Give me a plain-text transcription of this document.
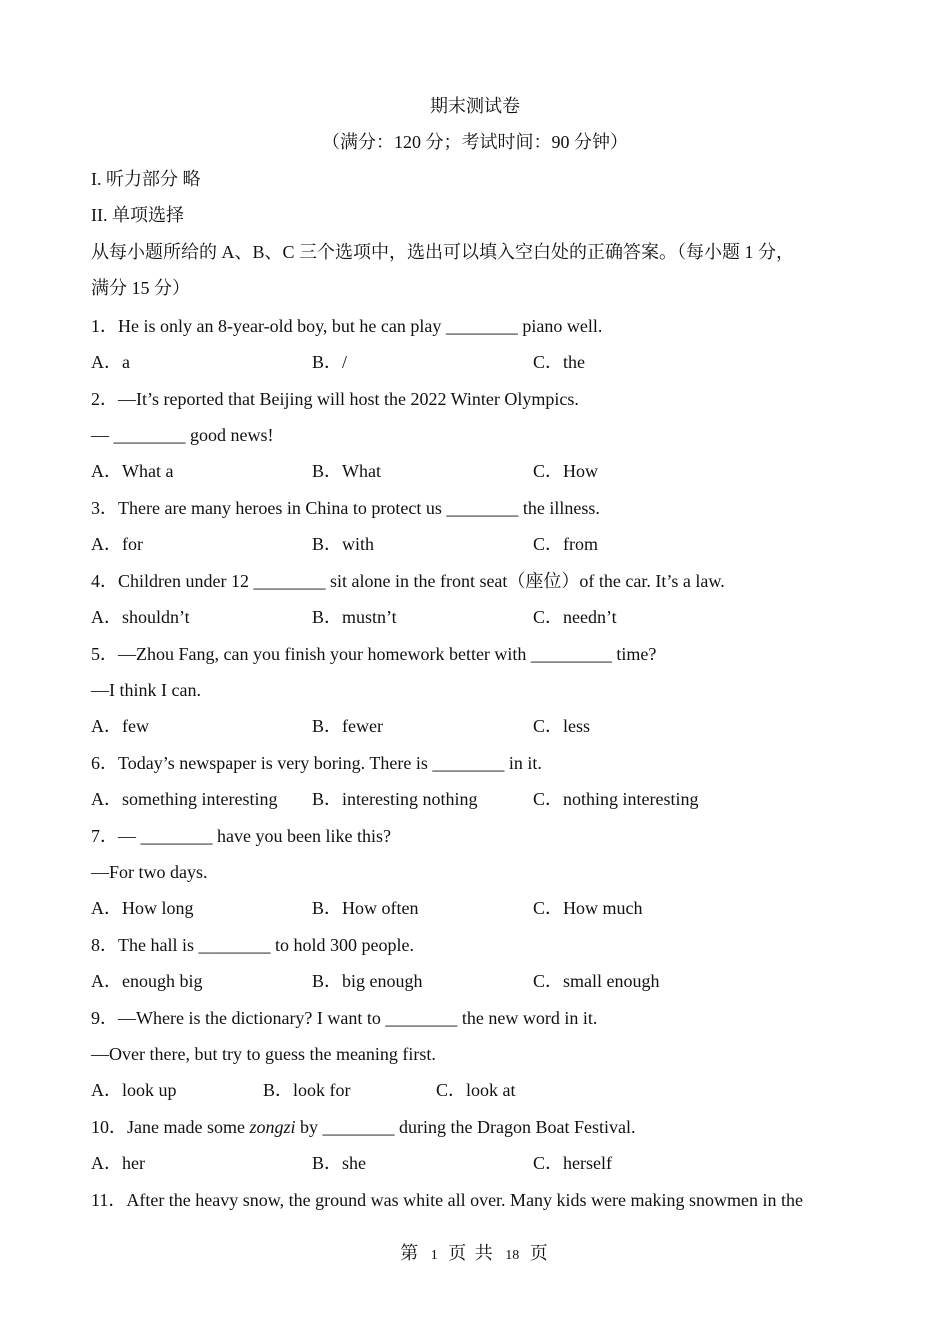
期末测试卷
（满分：120 分；考试时间：90 分钟）
I. 听力部分 略
II. 单项选择
从每小题所给的 A、B、C 三个选项中，选出可以填入空白处的正确答案。（每小题 1 分，
满分 15 分）
1．He is only an 8-year-old boy, but he can play ________ piano well.
A．a	B．/	C．the
2．—It’s reported that Beijing will host the 2022 Winter Olympics.
— ________ good news!
A．What a	B．What	C．How
3．There are many heroes in China to protect us ________ the illness.
A．for	B．with	C．from
4．Children under 12 ________ sit alone in the front seat（座位）of the car. It’s a law.
A．shouldn’t	B．mustn’t	C．needn’t
5．—Zhou Fang, can you finish your homework better with _________ time?
—I think I can.
A．few	B．fewer	C．less
6．Today’s newspaper is very boring. There is ________ in it.
A．something interesting B．interesting nothing	C．nothing interesting
7．— ________ have you been like this?
—For two days.
A．How long	B．How often	C．How much
8．The hall is ________ to hold 300 people.
A．enough big	B．big enough	C．small enough
9．—Where is the dictionary? I want to ________ the new word in it.
—Over there, but try to guess the meaning first.
A．look up	B．look for	C．look at
10．Jane made some zongzi by ________ during the Dragon Boat Festival.
A．her	B．she	C．herself
11．After the heavy snow, the ground was white all over. Many kids were making snowmen in the
第 1 页 共 18 页
